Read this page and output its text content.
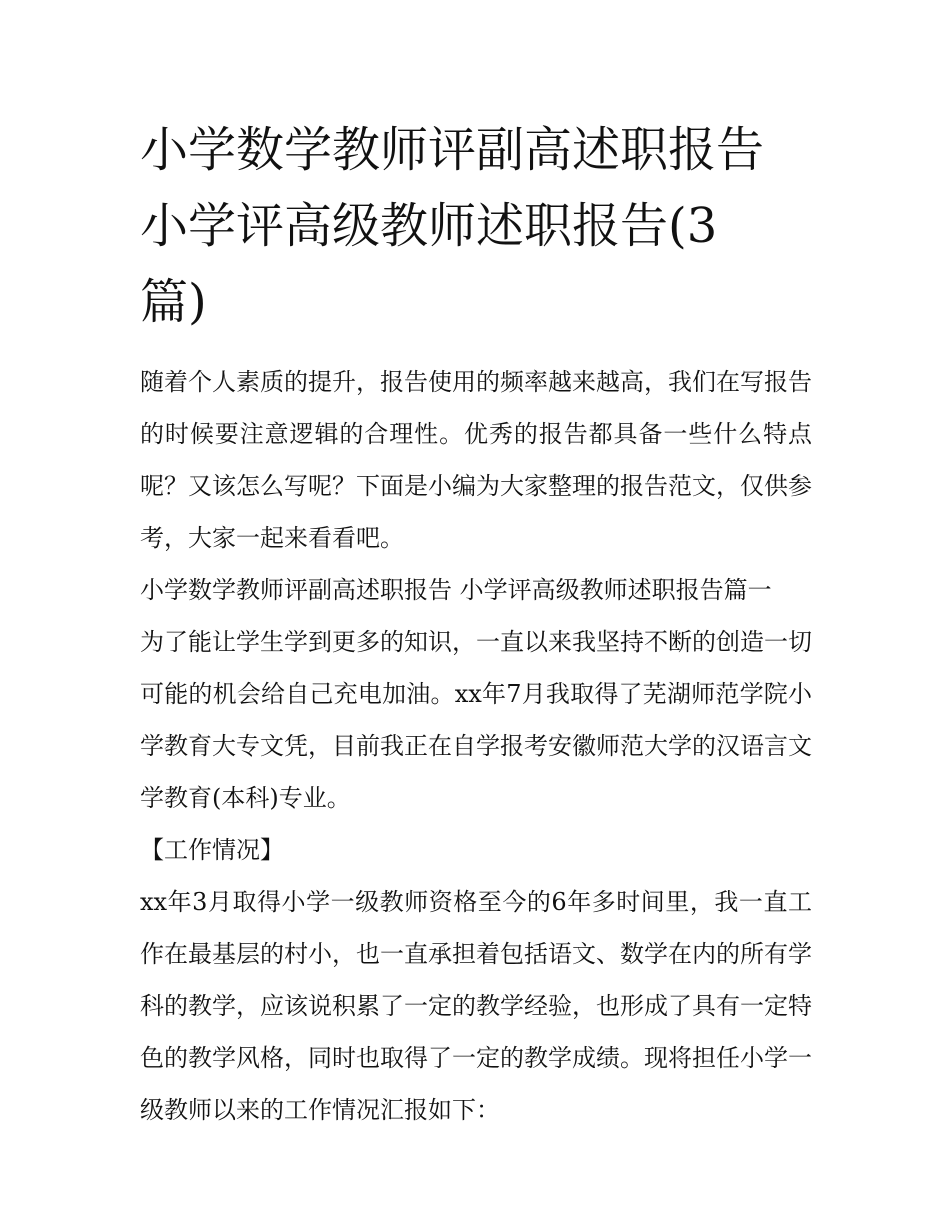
小学数学教师评副高述职报告
小学评高级教师述职报告(3
篇)

随着个人素质的提升，报告使用的频率越来越高，我们在写报告的时候要注意逻辑的合理性。优秀的报告都具备一些什么特点呢？又该怎么写呢？下面是小编为大家整理的报告范文，仅供参考，大家一起来看看吧。

小学数学教师评副高述职报告 小学评高级教师述职报告篇一

为了能让学生学到更多的知识，一直以来我坚持不断的创造一切可能的机会给自己充电加油。xx年7月我取得了芜湖师范学院小学教育大专文凭，目前我正在自学报考安徽师范大学的汉语言文学教育(本科)专业。

【工作情况】

xx年3月取得小学一级教师资格至今的6年多时间里，我一直工作在最基层的村小，也一直承担着包括语文、数学在内的所有学科的教学，应该说积累了一定的教学经验，也形成了具有一定特色的教学风格，同时也取得了一定的教学成绩。现将担任小学一级教师以来的工作情况汇报如下：
